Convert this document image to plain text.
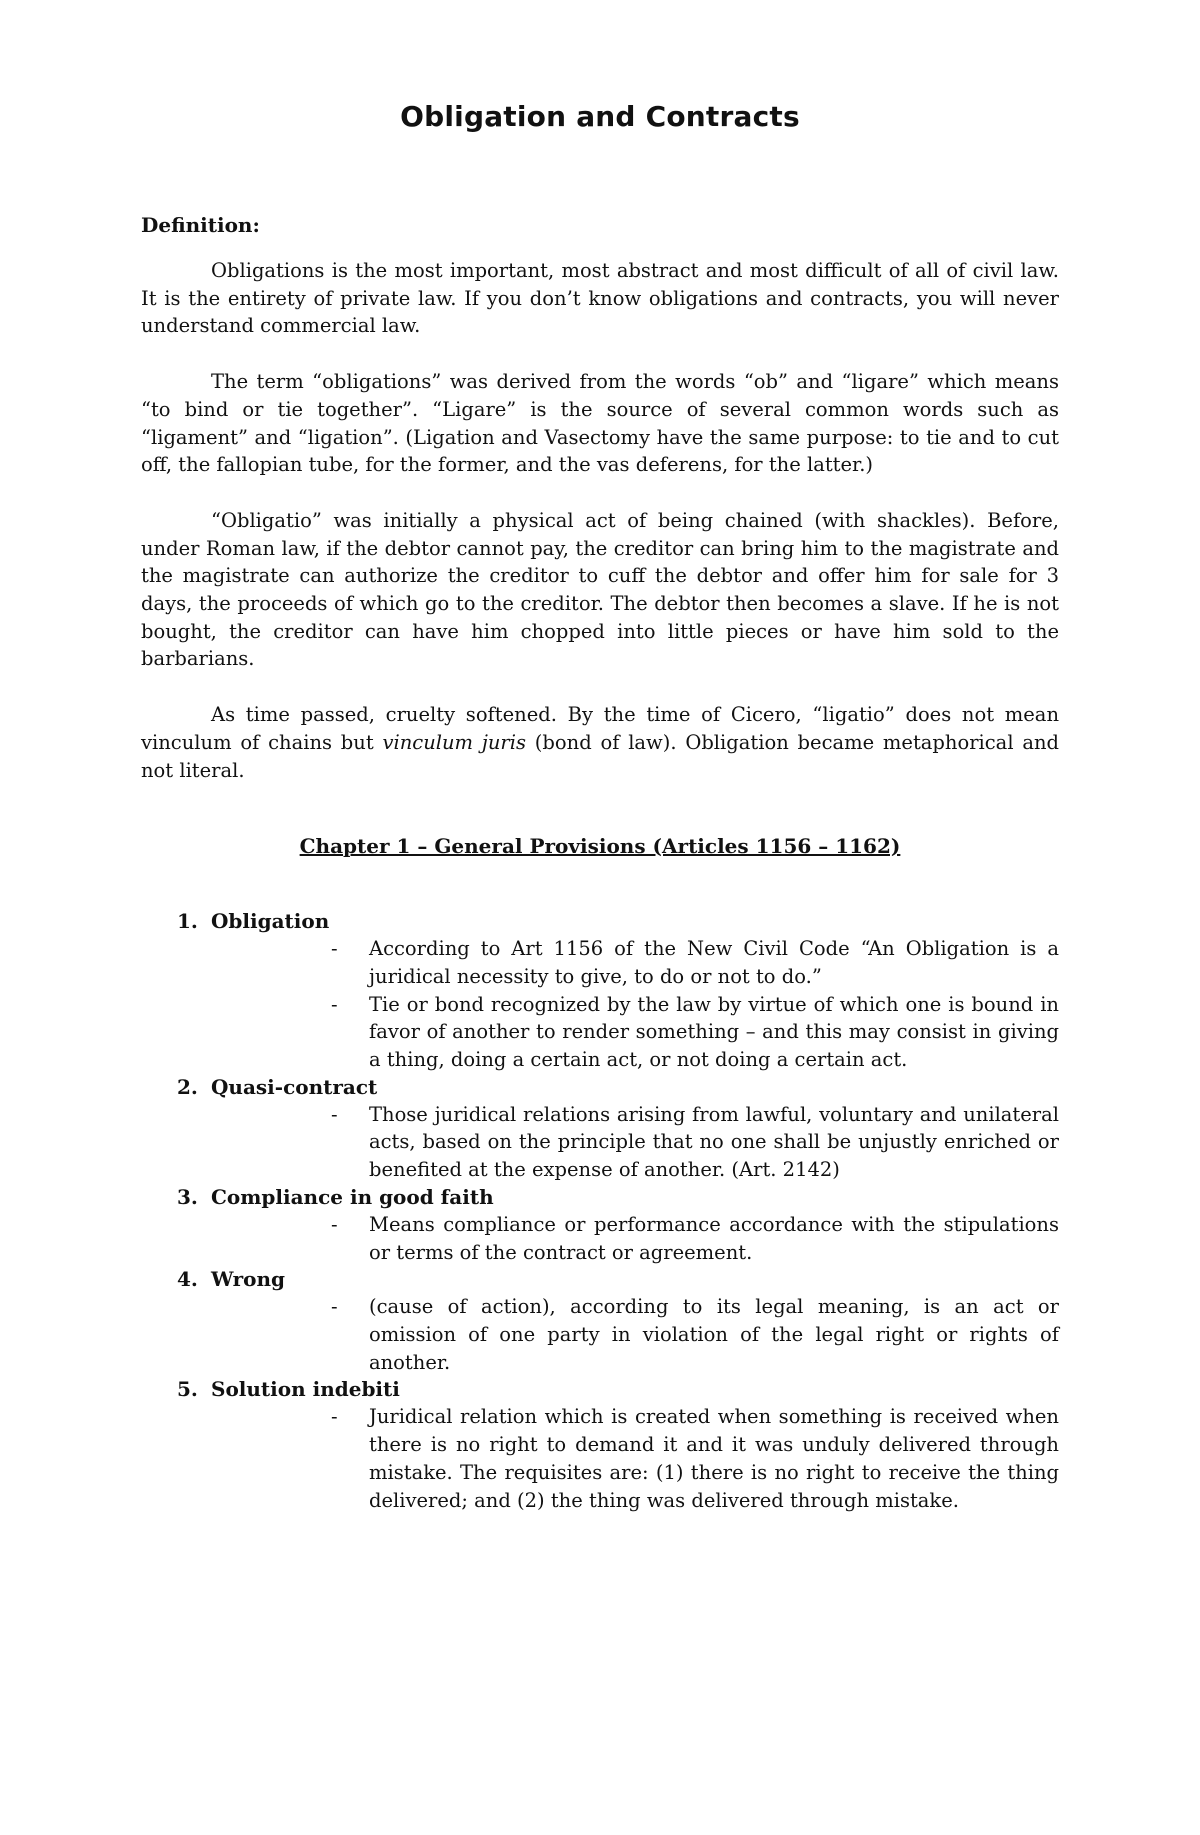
Obligation and Contracts
Definition:

Obligations is the most important, most abstract and most difficult of all of civil law. It is the entirety of private law. If you don’t know obligations and contracts, you will never understand commercial law.

The term “obligations” was derived from the words “ob” and “ligare” which means “to bind or tie together”. “Ligare” is the source of several common words such as “ligament” and “ligation”. (Ligation and Vasectomy have the same purpose: to tie and to cut off, the fallopian tube, for the former, and the vas deferens, for the latter.)

“Obligatio” was initially a physical act of being chained (with shackles). Before, under Roman law, if the debtor cannot pay, the creditor can bring him to the magistrate and the magistrate can authorize the creditor to cuff the debtor and offer him for sale for 3 days, the proceeds of which go to the creditor. The debtor then becomes a slave. If he is not bought, the creditor can have him chopped into little pieces or have him sold to the barbarians.

As time passed, cruelty softened. By the time of Cicero, “ligatio” does not mean vinculum of chains but vinculum juris (bond of law). Obligation became metaphorical and not literal.

Chapter 1 – General Provisions (Articles 1156 – 1162)
1. Obligation
- According to Art 1156 of the New Civil Code “An Obligation is a juridical necessity to give, to do or not to do.”
- Tie or bond recognized by the law by virtue of which one is bound in favor of another to render something – and this may consist in giving a thing, doing a certain act, or not doing a certain act.
2. Quasi-contract
- Those juridical relations arising from lawful, voluntary and unilateral acts, based on the principle that no one shall be unjustly enriched or benefited at the expense of another. (Art. 2142)
3. Compliance in good faith
- Means compliance or performance accordance with the stipulations or terms of the contract or agreement.
4. Wrong
- (cause of action), according to its legal meaning, is an act or omission of one party in violation of the legal right or rights of another.
5. Solution indebiti
- Juridical relation which is created when something is received when there is no right to demand it and it was unduly delivered through mistake. The requisites are: (1) there is no right to receive the thing delivered; and (2) the thing was delivered through mistake.
